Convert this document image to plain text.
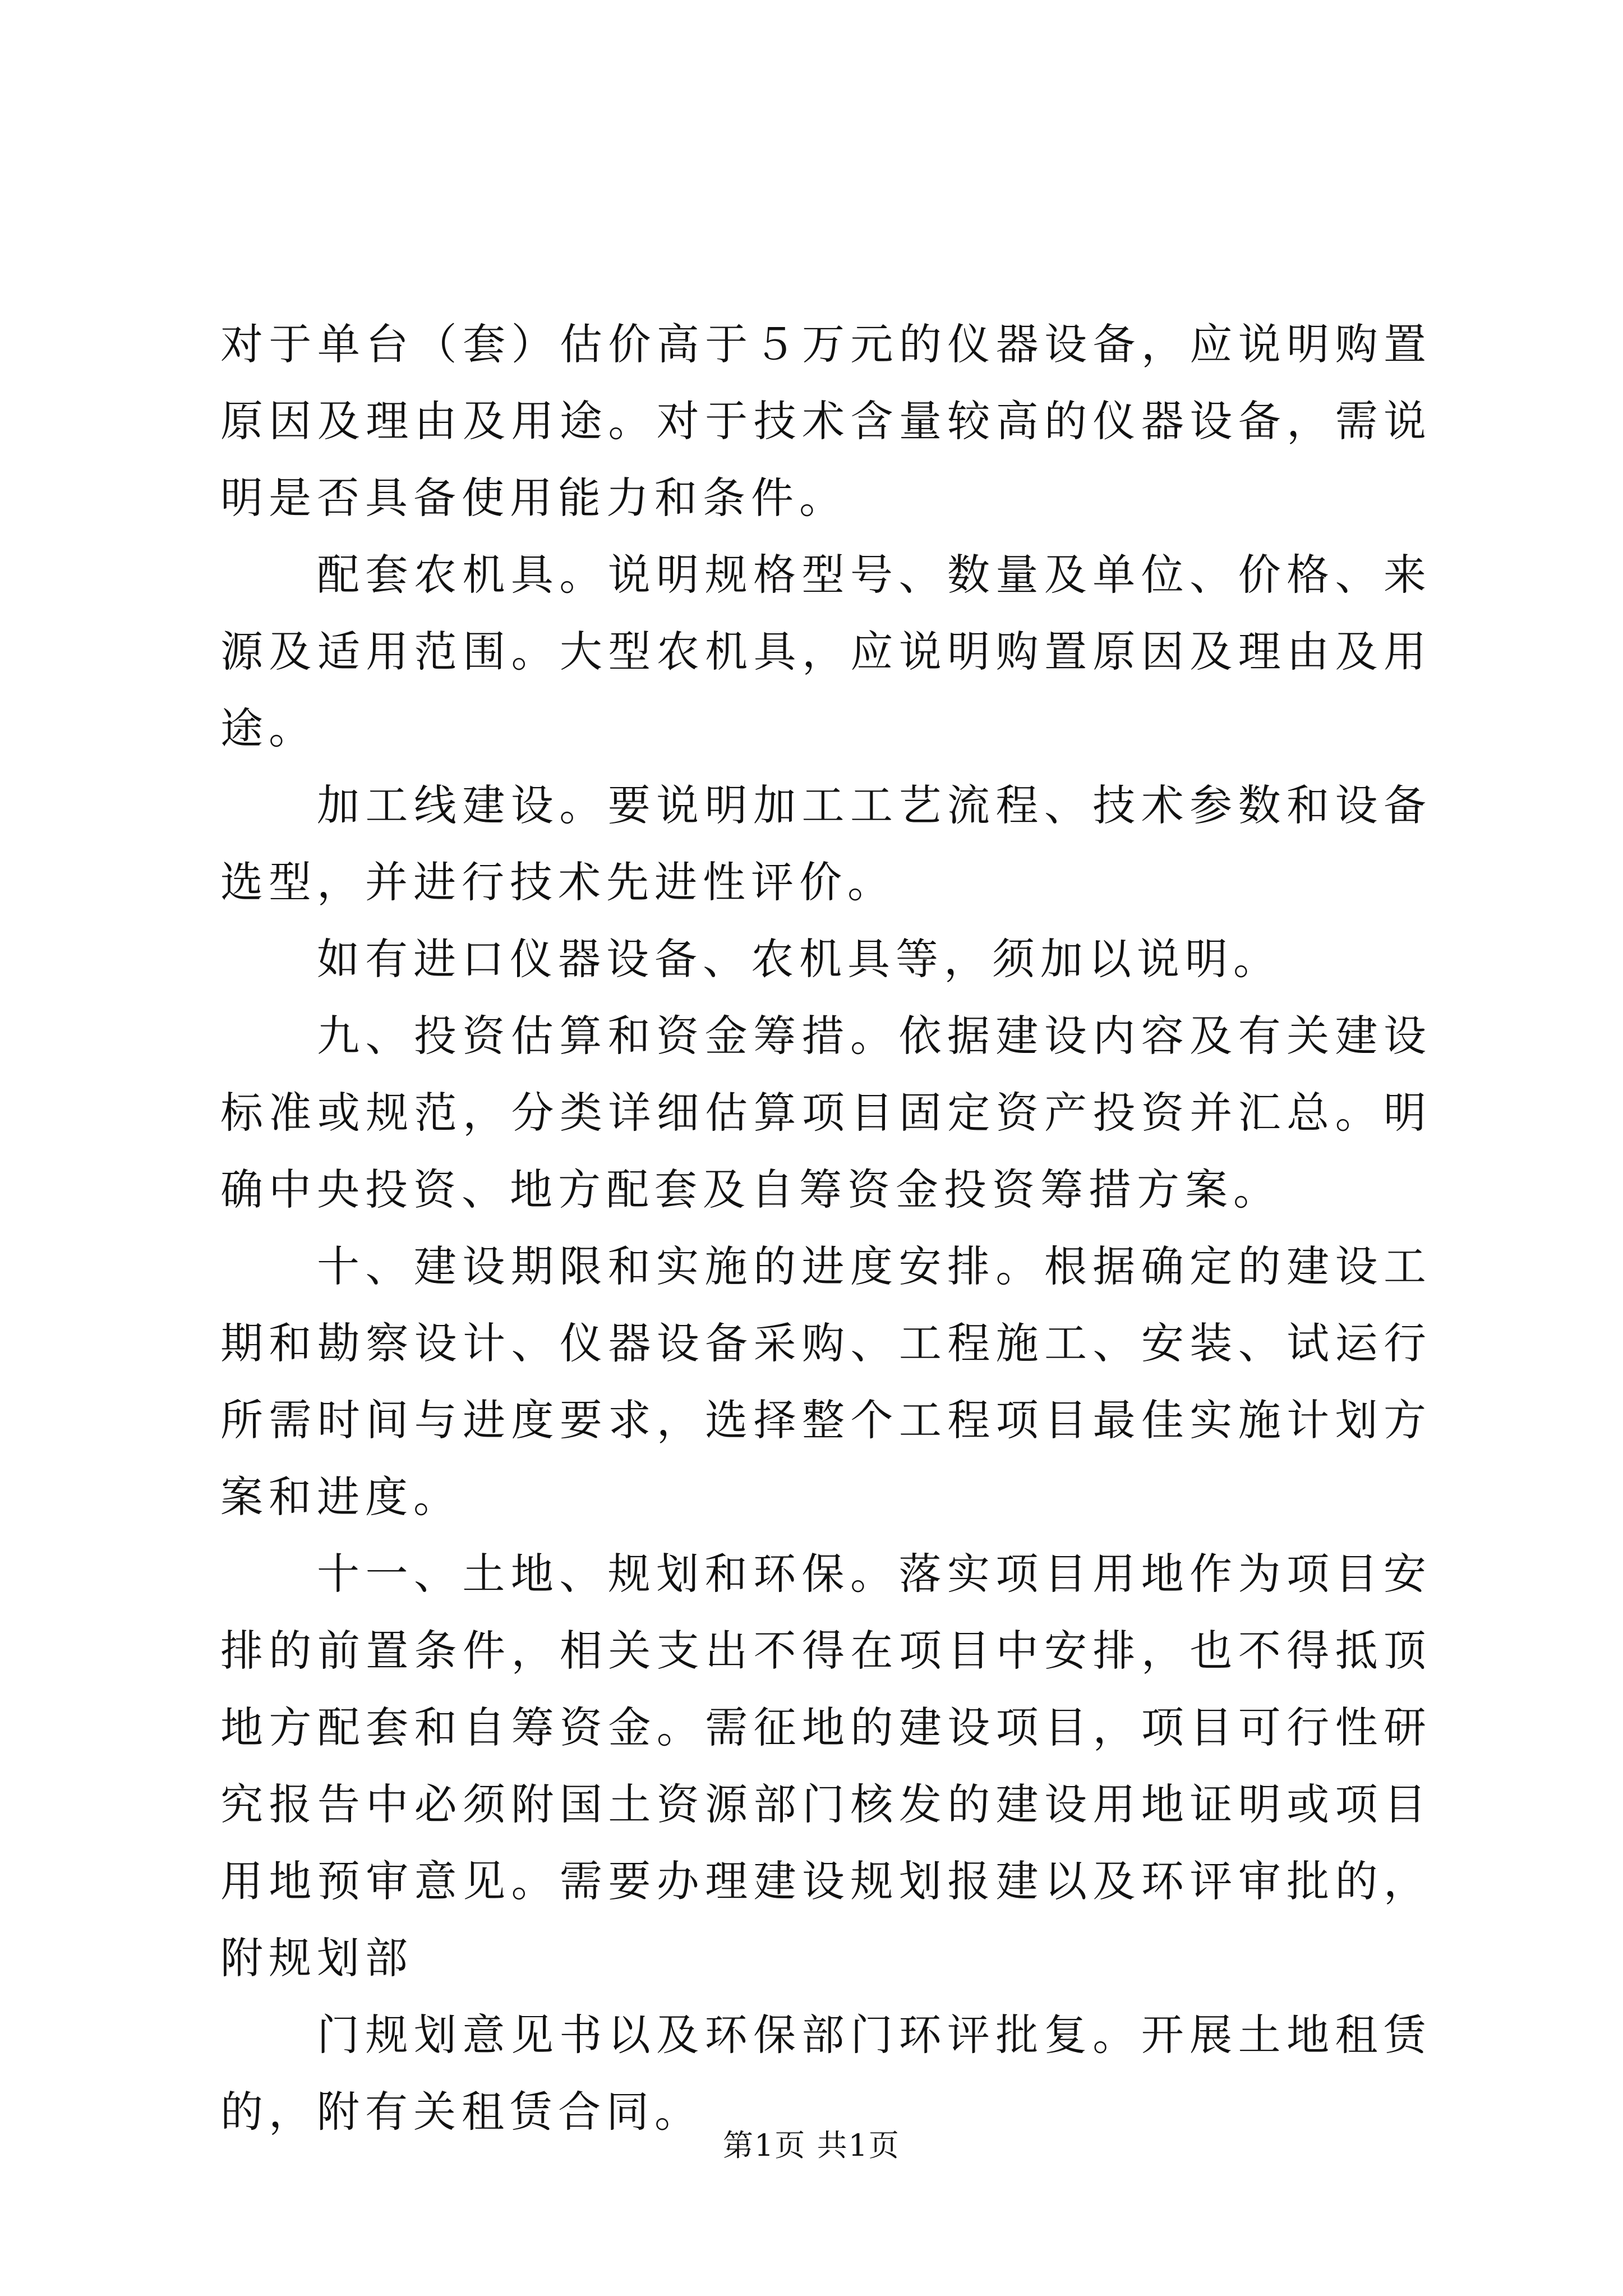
对于单台（套）估价高于５万元的仪器设备，应说明购置原因及理由及用途。对于技术含量较高的仪器设备，需说明是否具备使用能力和条件。

配套农机具。说明规格型号、数量及单位、价格、来源及适用范围。大型农机具，应说明购置原因及理由及用途。

加工线建设。要说明加工工艺流程、技术参数和设备选型，并进行技术先进性评价。

如有进口仪器设备、农机具等，须加以说明。

九、投资估算和资金筹措。依据建设内容及有关建设标准或规范，分类详细估算项目固定资产投资并汇总。明确中央投资、地方配套及自筹资金投资筹措方案。

十、建设期限和实施的进度安排。根据确定的建设工期和勘察设计、仪器设备采购、工程施工、安装、试运行所需时间与进度要求，选择整个工程项目最佳实施计划方案和进度。

十一、土地、规划和环保。落实项目用地作为项目安排的前置条件，相关支出不得在项目中安排，也不得抵顶地方配套和自筹资金。需征地的建设项目，项目可行性研究报告中必须附国土资源部门核发的建设用地证明或项目用地预审意见。需要办理建设规划报建以及环评审批的，附规划部

门规划意见书以及环保部门环评批复。开展土地租赁的，附有关租赁合同。

第1页 共1页
